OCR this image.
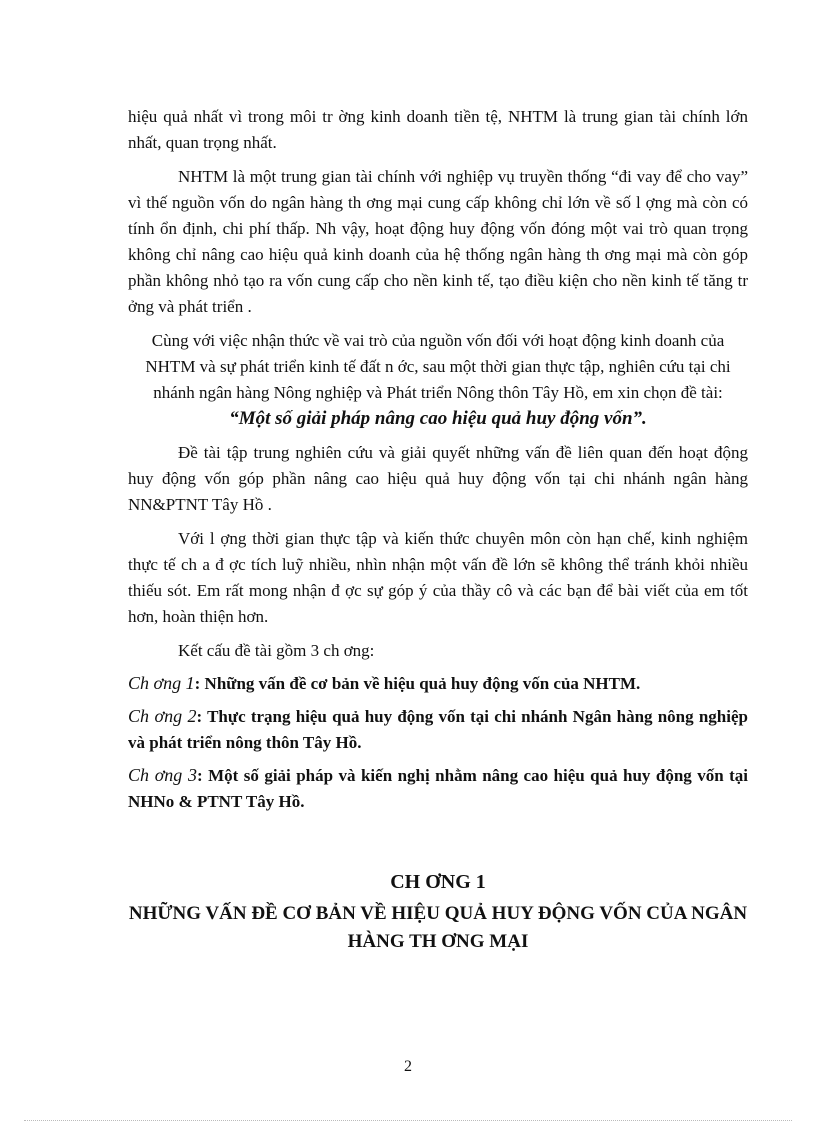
hiệu quả nhất vì trong môi tr ờng kinh doanh tiền tệ, NHTM là trung gian tài chính lớn nhất, quan trọng nhất.

NHTM là một trung gian tài chính với nghiệp vụ truyền thống “đi vay để cho vay” vì thế nguồn vốn do ngân hàng th ơng mại cung cấp không chỉ lớn về số l ợng mà còn có tính ổn định, chi phí thấp. Nh vậy, hoạt động huy động vốn đóng một vai trò quan trọng không chỉ nâng cao hiệu quả kinh doanh của hệ thống ngân hàng th ơng mại mà còn góp phần không nhỏ tạo ra vốn cung cấp cho nền kinh tế, tạo điều kiện cho nền kinh tế tăng tr ởng và phát triển .

Cùng với việc nhận thức về vai trò của nguồn vốn đối với hoạt động kinh doanh của NHTM và sự phát triển kinh tế đất n ớc, sau một thời gian thực tập, nghiên cứu tại chi nhánh ngân hàng Nông nghiệp và Phát triển Nông thôn Tây Hồ, em xin chọn đề tài:

“Một số giải pháp nâng cao hiệu quả huy động vốn”.

Đề tài tập trung nghiên cứu và giải quyết những vấn đề liên quan đến hoạt động huy động vốn góp phần nâng cao hiệu quả huy động vốn tại chi nhánh ngân hàng NN&PTNT Tây Hồ .

Với l ợng thời gian thực tập và kiến thức chuyên môn còn hạn chế, kinh nghiệm thực tế ch a đ ợc tích luỹ nhiều, nhìn nhận một vấn đề lớn sẽ không thể tránh khỏi nhiều thiếu sót. Em rất mong nhận đ ợc sự góp ý của thầy cô và các bạn để bài viết của em tốt hơn, hoàn thiện hơn.

Kết cấu đề tài gồm 3 ch ơng:

Ch ơng 1: Những vấn đề cơ bản về hiệu quả huy động vốn của NHTM.

Ch ơng 2: Thực trạng hiệu quả huy động vốn tại chi nhánh Ngân hàng nông nghiệp và phát triển nông thôn Tây Hồ.

Ch ơng 3: Một số giải pháp và kiến nghị nhằm nâng cao hiệu quả huy động vốn tại NHNo & PTNT Tây Hồ.

CH ƠNG 1
NHỮNG VẤN ĐỀ CƠ BẢN VỀ HIỆU QUẢ HUY ĐỘNG VỐN CỦA NGÂN HÀNG TH ƠNG MẠI
2
